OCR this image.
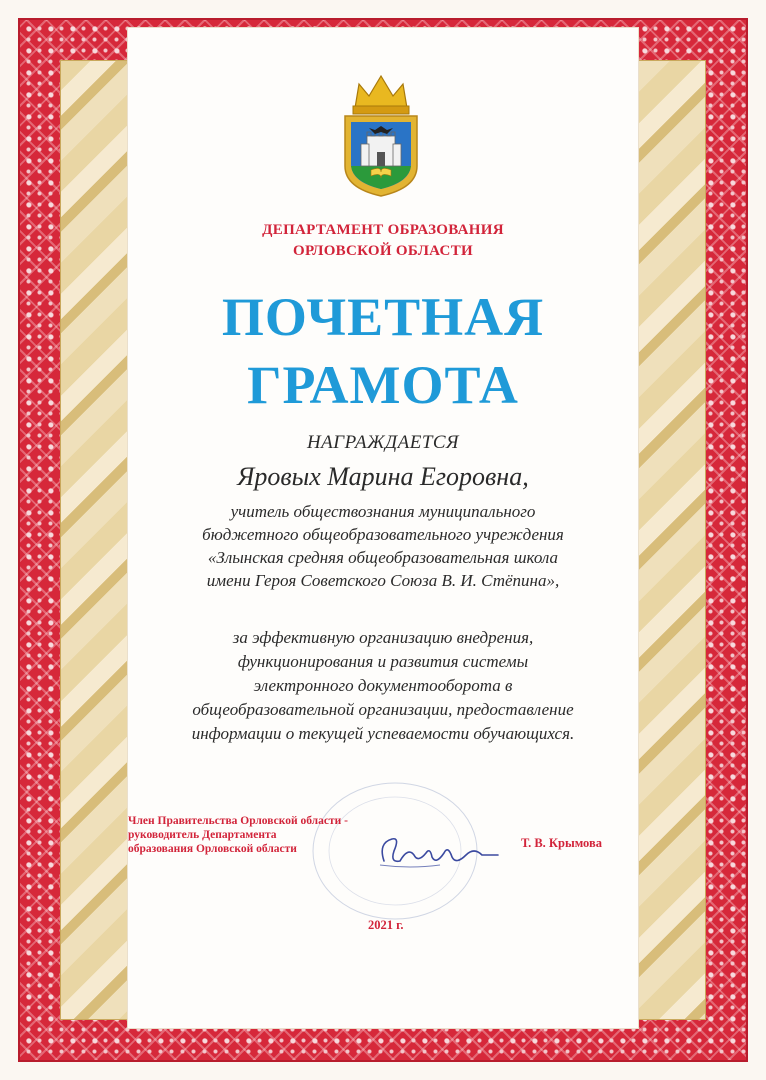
ДЕПАРТАМЕНТ ОБРАЗОВАНИЯ

ОРЛОВСКОЙ ОБЛАСТИ

ПОЧЕТНАЯ

ГРАМОТА

НАГРАЖДАЕТСЯ

Яровых Марина Егоровна,

учитель обществознания муниципального

бюджетного общеобразовательного учреждения

«Злынская средняя общеобразовательная школа

имени Героя Советского Союза В. И. Стёпина»,

за эффективную организацию внедрения,

функционирования и развития системы

электронного документооборота в

общеобразовательной организации, предоставление

информации о текущей успеваемости обучающихся.

Член Правительства Орловской области -
руководитель Департамента
образования Орловской области	Т. В. Крымова
2021 г.
